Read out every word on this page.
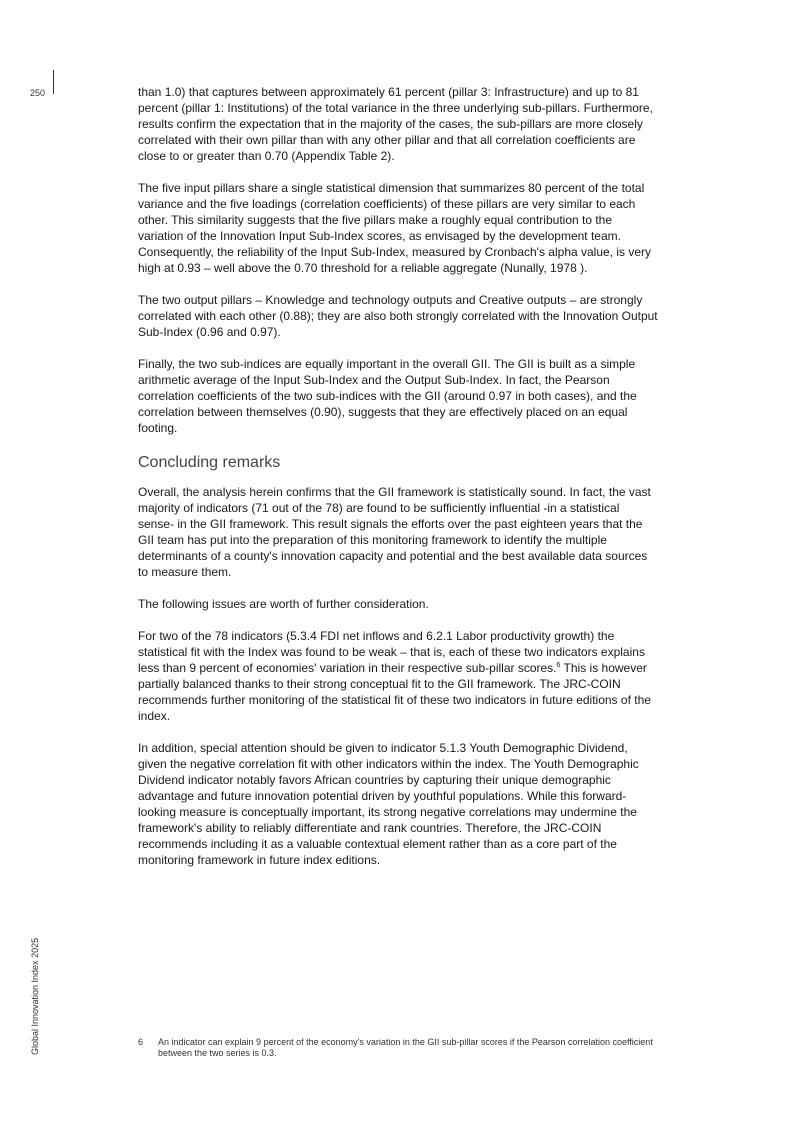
250
Global Innovation Index 2025

than 1.0) that captures between approximately 61 percent (pillar 3: Infrastructure) and up to 81 percent (pillar 1: Institutions) of the total variance in the three underlying sub-pillars. Furthermore, results confirm the expectation that in the majority of the cases, the sub-pillars are more closely correlated with their own pillar than with any other pillar and that all correlation coefficients are close to or greater than 0.70 (Appendix Table 2).

The five input pillars share a single statistical dimension that summarizes 80 percent of the total variance and the five loadings (correlation coefficients) of these pillars are very similar to each other. This similarity suggests that the five pillars make a roughly equal contribution to the variation of the Innovation Input Sub-Index scores, as envisaged by the development team. Consequently, the reliability of the Input Sub-Index, measured by Cronbach's alpha value, is very high at 0.93 – well above the 0.70 threshold for a reliable aggregate (Nunally, 1978 ).

The two output pillars – Knowledge and technology outputs and Creative outputs – are strongly correlated with each other (0.88); they are also both strongly correlated with the Innovation Output Sub-Index (0.96 and 0.97).

Finally, the two sub-indices are equally important in the overall GII. The GII is built as a simple arithmetic average of the Input Sub-Index and the Output Sub-Index. In fact, the Pearson correlation coefficients of the two sub-indices with the GII (around 0.97 in both cases), and the correlation between themselves (0.90), suggests that they are effectively placed on an equal footing.

Concluding remarks

Overall, the analysis herein confirms that the GII framework is statistically sound. In fact, the vast majority of indicators (71 out of the 78) are found to be sufficiently influential -in a statistical sense- in the GII framework. This result signals the efforts over the past eighteen years that the GII team has put into the preparation of this monitoring framework to identify the multiple determinants of a county's innovation capacity and potential and the best available data sources to measure them.

The following issues are worth of further consideration.

For two of the 78 indicators (5.3.4 FDI net inflows and 6.2.1 Labor productivity growth) the statistical fit with the Index was found to be weak – that is, each of these two indicators explains less than 9 percent of economies' variation in their respective sub-pillar scores.$^6$ This is however partially balanced thanks to their strong conceptual fit to the GII framework. The JRC-COIN recommends further monitoring of the statistical fit of these two indicators in future editions of the index.

In addition, special attention should be given to indicator 5.1.3 Youth Demographic Dividend, given the negative correlation fit with other indicators within the index. The Youth Demographic Dividend indicator notably favors African countries by capturing their unique demographic advantage and future innovation potential driven by youthful populations. While this forward-looking measure is conceptually important, its strong negative correlations may undermine the framework's ability to reliably differentiate and rank countries. Therefore, the JRC-COIN recommends including it as a valuable contextual element rather than as a core part of the monitoring framework in future index editions.

6	An indicator can explain 9 percent of the economy's variation in the GII sub-pillar scores if the Pearson correlation coefficient between the two series is 0.3.
